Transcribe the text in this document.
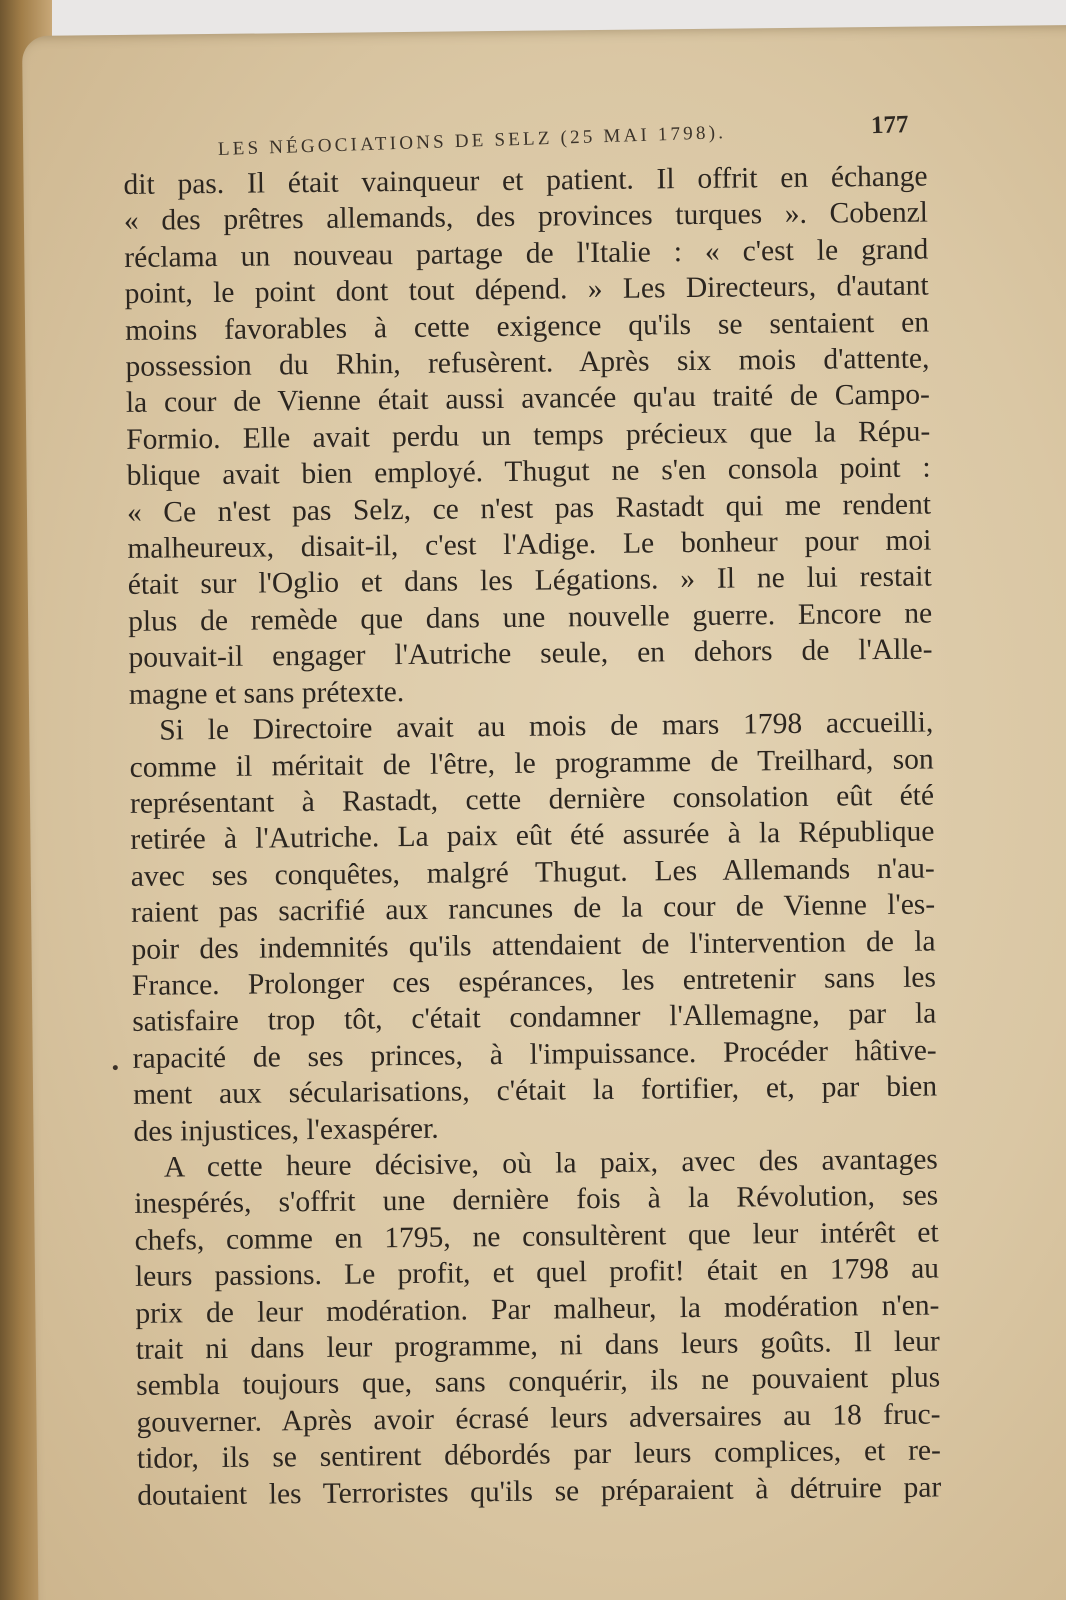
LES NÉGOCIATIONS DE SELZ (25 MAI 1798).	177
dit pas. Il était vainqueur et patient. Il offrit en échange
« des prêtres allemands, des provinces turques ». Cobenzl
réclama un nouveau partage de l'Italie : « c'est le grand
point, le point dont tout dépend. » Les Directeurs, d'autant
moins favorables à cette exigence qu'ils se sentaient en
possession du Rhin, refusèrent. Après six mois d'attente,
la cour de Vienne était aussi avancée qu'au traité de Campo-
Formio. Elle avait perdu un temps précieux que la Répu-
blique avait bien employé. Thugut ne s'en consola point :
« Ce n'est pas Selz, ce n'est pas Rastadt qui me rendent
malheureux, disait-il, c'est l'Adige. Le bonheur pour moi
était sur l'Oglio et dans les Légations. » Il ne lui restait
plus de remède que dans une nouvelle guerre. Encore ne
pouvait-il engager l'Autriche seule, en dehors de l'Alle-
magne et sans prétexte.
Si le Directoire avait au mois de mars 1798 accueilli,
comme il méritait de l'être, le programme de Treilhard, son
représentant à Rastadt, cette dernière consolation eût été
retirée à l'Autriche. La paix eût été assurée à la République
avec ses conquêtes, malgré Thugut. Les Allemands n'au-
raient pas sacrifié aux rancunes de la cour de Vienne l'es-
poir des indemnités qu'ils attendaient de l'intervention de la
France. Prolonger ces espérances, les entretenir sans les
satisfaire trop tôt, c'était condamner l'Allemagne, par la
rapacité de ses princes, à l'impuissance. Procéder hâtive-
ment aux sécularisations, c'était la fortifier, et, par bien
des injustices, l'exaspérer.
A cette heure décisive, où la paix, avec des avantages
inespérés, s'offrit une dernière fois à la Révolution, ses
chefs, comme en 1795, ne consultèrent que leur intérêt et
leurs passions. Le profit, et quel profit! était en 1798 au
prix de leur modération. Par malheur, la modération n'en-
trait ni dans leur programme, ni dans leurs goûts. Il leur
sembla toujours que, sans conquérir, ils ne pouvaient plus
gouverner. Après avoir écrasé leurs adversaires au 18 fruc-
tidor, ils se sentirent débordés par leurs complices, et re-
doutaient les Terroristes qu'ils se préparaient à détruire par
